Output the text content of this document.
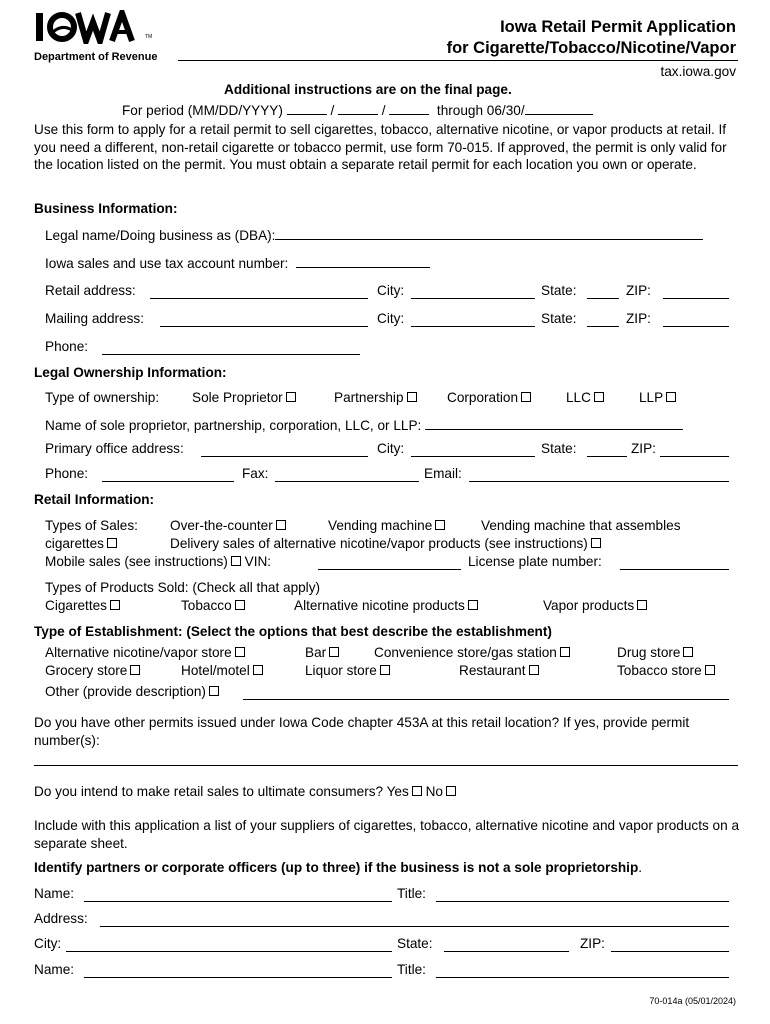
TM
Department of Revenue
Iowa Retail Permit Application
for Cigarette/Tobacco/Nicotine/Vapor
tax.iowa.gov
Additional instructions are on the final page.
For period (MM/DD/YYYY)	/	/	through 06/30/
Use this form to apply for a retail permit to sell cigarettes, tobacco, alternative nicotine, or vapor products at retail. If you need a different, non-retail cigarette or tobacco permit, use form 70-015. If approved, the permit is only valid for the location listed on the permit. You must obtain a separate retail permit for each location you own or operate.
Business Information:
Legal name/Doing business as (DBA):
Iowa sales and use tax account number:
Retail address:	City:	State:	ZIP:
Mailing address:	City:	State:	ZIP:
Phone:
Legal Ownership Information:
Type of ownership: Sole Proprietor	Partnership	Corporation	LLC	LLP
Name of sole proprietor, partnership, corporation, LLC, or LLP:
Primary office address:	City:	State:	ZIP:
Phone:	Fax:	Email:
Retail Information:
Types of Sales: Over-the-counter	Vending machine	Vending machine that assembles
cigarettes	Delivery sales of alternative nicotine/vapor products (see instructions)
Mobile sales (see instructions) VIN:	License plate number:
Types of Products Sold: (Check all that apply)
Cigarettes	Tobacco	Alternative nicotine products	Vapor products
Type of Establishment: (Select the options that best describe the establishment)
Alternative nicotine/vapor store	Bar	Convenience store/gas station	Drug store
Grocery store	Hotel/motel	Liquor store	Restaurant	Tobacco store
Other (provide description)
Do you have other permits issued under Iowa Code chapter 453A at this retail location? If yes, provide permit number(s):
Do you intend to make retail sales to ultimate consumers? Yes No
Include with this application a list of your suppliers of cigarettes, tobacco, alternative nicotine and vapor products on a separate sheet.
Identify partners or corporate officers (up to three) if the business is not a sole proprietorship.
Name:	Title:
Address:
City:	State:	ZIP:
Name:	Title:
70-014a (05/01/2024)
